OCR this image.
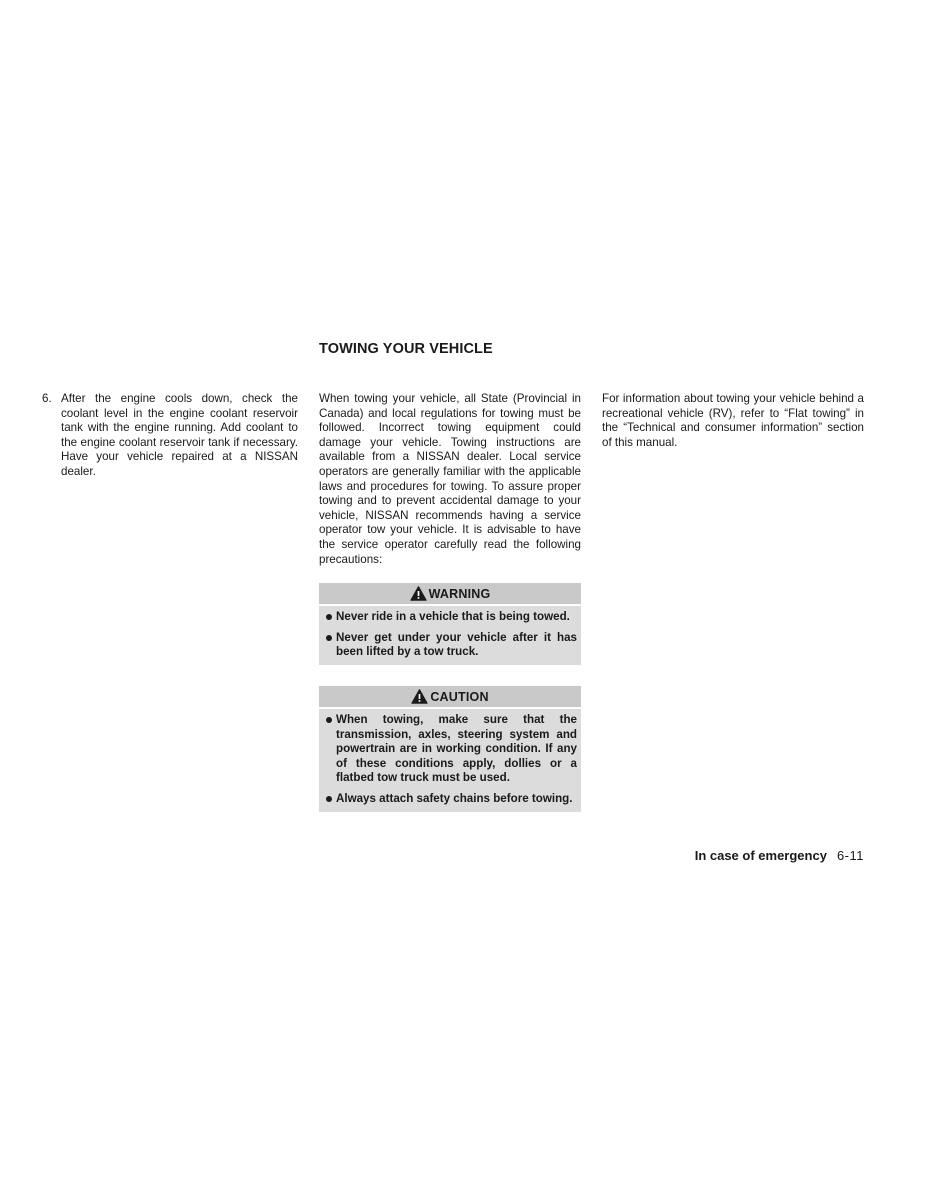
TOWING YOUR VEHICLE
6. After the engine cools down, check the coolant level in the engine coolant reservoir tank with the engine running. Add coolant to the engine coolant reservoir tank if necessary. Have your vehicle repaired at a NISSAN dealer.

When towing your vehicle, all State (Provincial in Canada) and local regulations for towing must be followed. Incorrect towing equipment could damage your vehicle. Towing instructions are available from a NISSAN dealer. Local service operators are generally familiar with the applicable laws and procedures for towing. To assure proper towing and to prevent accidental damage to your vehicle, NISSAN recommends having a service operator tow your vehicle. It is advisable to have the service operator carefully read the following precautions:

WARNING
Never ride in a vehicle that is being towed.
Never get under your vehicle after it has been lifted by a tow truck.
CAUTION
When towing, make sure that the transmission, axles, steering system and powertrain are in working condition. If any of these conditions apply, dollies or a flatbed tow truck must be used.
Always attach safety chains before towing.

For information about towing your vehicle behind a recreational vehicle (RV), refer to “Flat towing” in the “Technical and consumer information” section of this manual.

In case of emergency 6-11
